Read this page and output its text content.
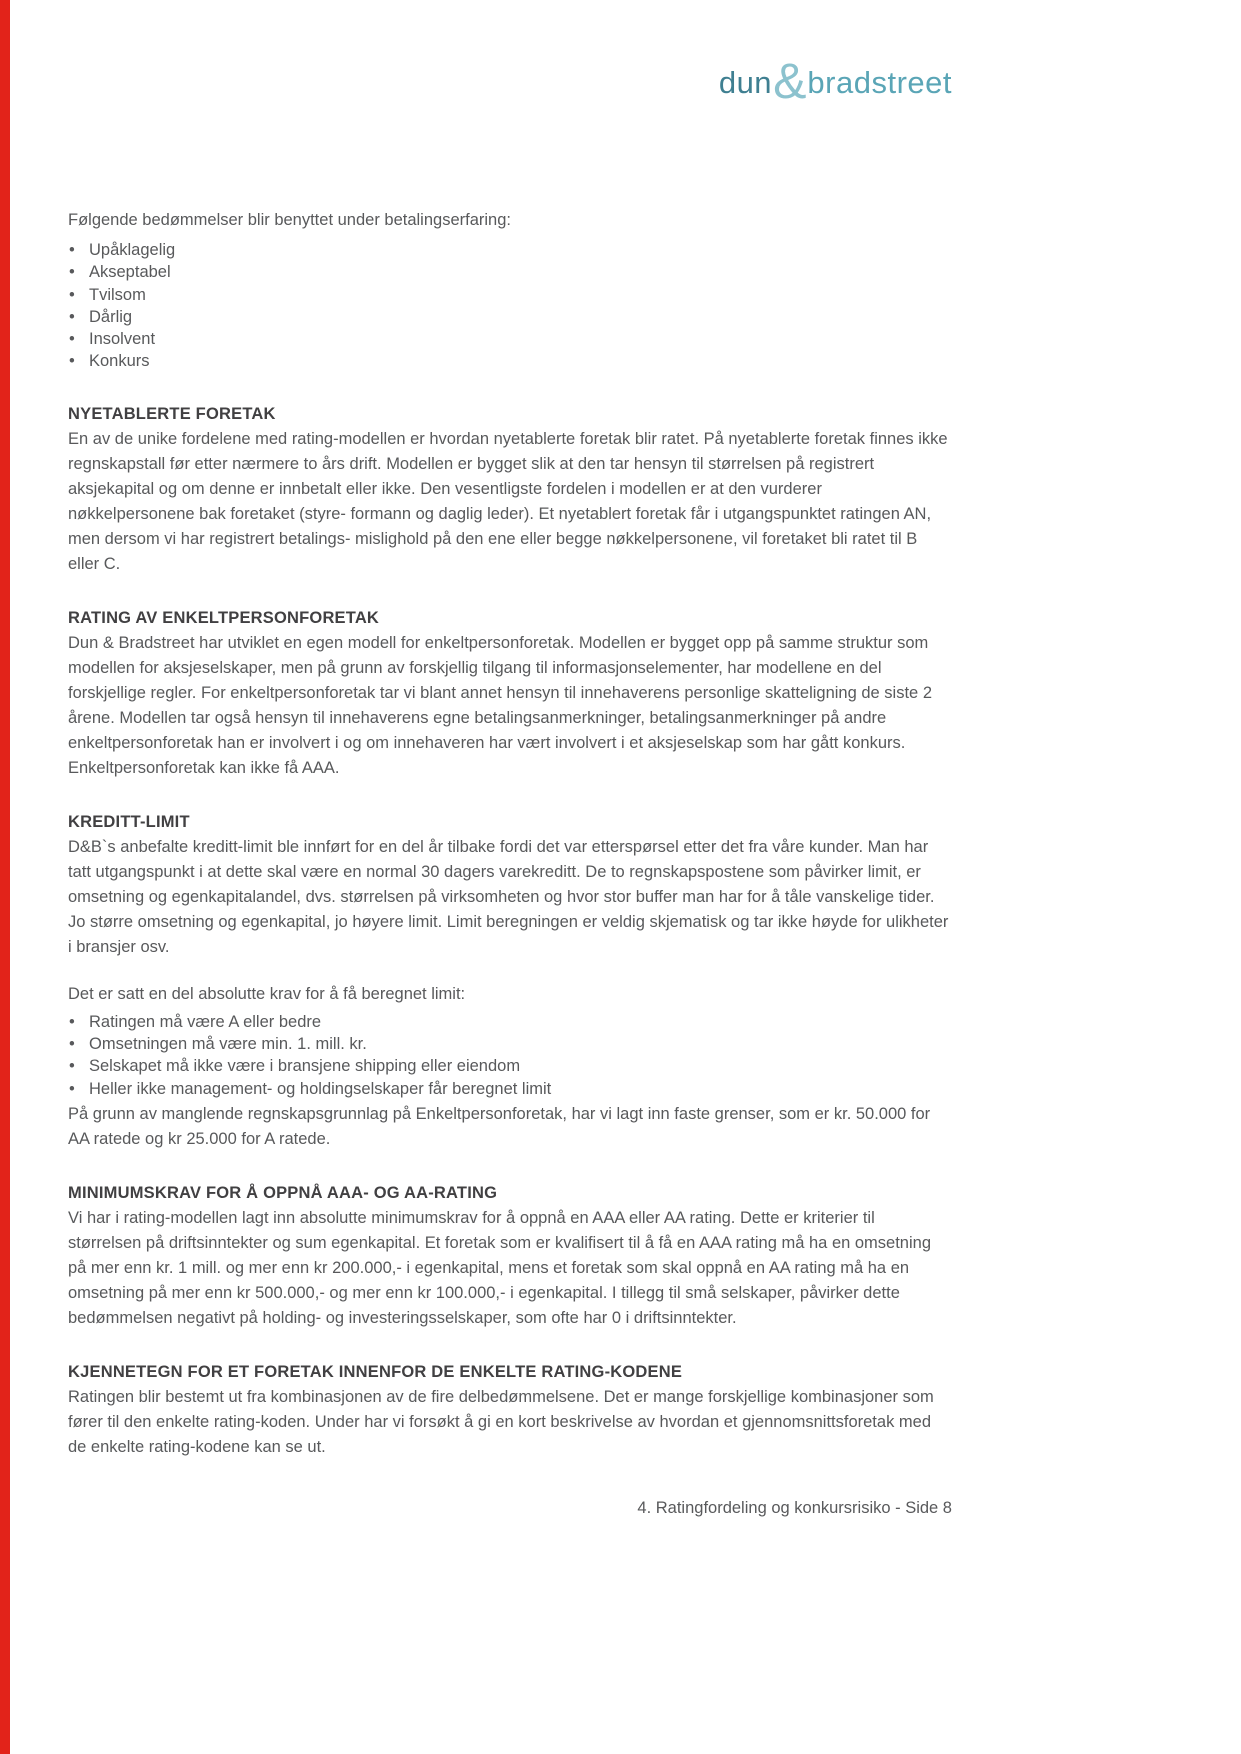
dun & bradstreet

Følgende bedømmelser blir benyttet under betalingserfaring:

• Upåklagelig
• Akseptabel
• Tvilsom
• Dårlig
• Insolvent
• Konkurs
NYETABLERTE FORETAK

En av de unike fordelene med rating-modellen er hvordan nyetablerte foretak blir ratet. På nyetablerte foretak finnes ikke regnskapstall før etter nærmere to års drift. Modellen er bygget slik at den tar hensyn til størrelsen på registrert aksjekapital og om denne er innbetalt eller ikke. Den vesentligste fordelen i modellen er at den vurderer nøkkelpersonene bak foretaket (styre- formann og daglig leder). Et nyetablert foretak får i utgangspunktet ratingen AN, men dersom vi har registrert betalings- mislighold på den ene eller begge nøkkelpersonene, vil foretaket bli ratet til B eller C.

RATING AV ENKELTPERSONFORETAK

Dun & Bradstreet har utviklet en egen modell for enkeltpersonforetak. Modellen er bygget opp på samme struktur som modellen for aksjeselskaper, men på grunn av forskjellig tilgang til informasjonselementer, har modellene en del forskjellige regler. For enkeltpersonforetak tar vi blant annet hensyn til innehaverens personlige skatteligning de siste 2 årene. Modellen tar også hensyn til innehaverens egne betalingsanmerkninger, betalingsanmerkninger på andre enkeltpersonforetak han er involvert i og om innehaveren har vært involvert i et aksjeselskap som har gått konkurs. Enkeltpersonforetak kan ikke få AAA.

KREDITT-LIMIT

D&B`s anbefalte kreditt-limit ble innført for en del år tilbake fordi det var etterspørsel etter det fra våre kunder. Man har tatt utgangspunkt i at dette skal være en normal 30 dagers varekreditt. De to regnskapspostene som påvirker limit, er omsetning og egenkapitalandel, dvs. størrelsen på virksomheten og hvor stor buffer man har for å tåle vanskelige tider. Jo større omsetning og egenkapital, jo høyere limit. Limit beregningen er veldig skjematisk og tar ikke høyde for ulikheter i bransjer osv.

Det er satt en del absolutte krav for å få beregnet limit:

• Ratingen må være A eller bedre
• Omsetningen må være min. 1. mill. kr.
• Selskapet må ikke være i bransjene shipping eller eiendom
• Heller ikke management- og holdingselskaper får beregnet limit

På grunn av manglende regnskapsgrunnlag på Enkeltpersonforetak, har vi lagt inn faste grenser, som er kr. 50.000 for AA ratede og kr 25.000 for A ratede.

MINIMUMSKRAV FOR Å OPPNÅ AAA- OG AA-RATING

Vi har i rating-modellen lagt inn absolutte minimumskrav for å oppnå en AAA eller AA rating. Dette er kriterier til størrelsen på driftsinntekter og sum egenkapital. Et foretak som er kvalifisert til å få en AAA rating må ha en omsetning på mer enn kr. 1 mill. og mer enn kr 200.000,- i egenkapital, mens et foretak som skal oppnå en AA rating må ha en omsetning på mer enn kr 500.000,- og mer enn kr 100.000,- i egenkapital. I tillegg til små selskaper, påvirker dette bedømmelsen negativt på holding- og investeringsselskaper, som ofte har 0 i driftsinntekter.

KJENNETEGN FOR ET FORETAK INNENFOR DE ENKELTE RATING-KODENE

Ratingen blir bestemt ut fra kombinasjonen av de fire delbedømmelsene. Det er mange forskjellige kombinasjoner som fører til den enkelte rating-koden. Under har vi forsøkt å gi en kort beskrivelse av hvordan et gjennomsnittsforetak med de enkelte rating-kodene kan se ut.

4. Ratingfordeling og konkursrisiko - Side 8
